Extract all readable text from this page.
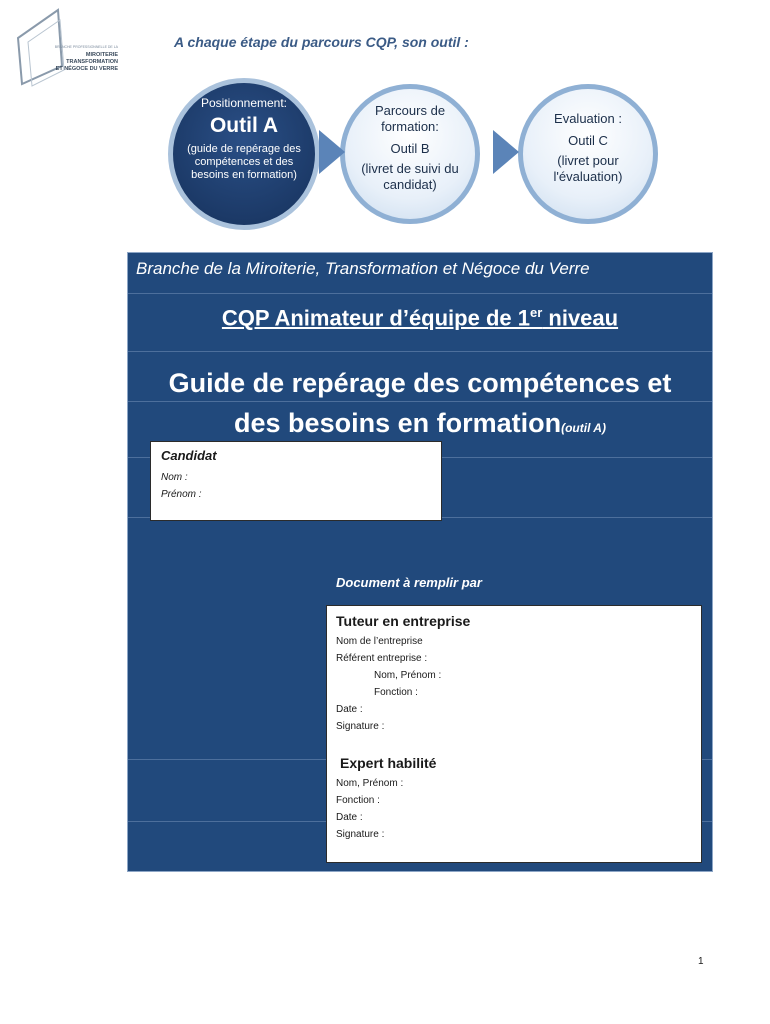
BRANCHE PROFESSIONNELLE DE LA
MIROITERIE
TRANSFORMATION
ET NÉGOCE DU VERRE
A chaque étape du parcours CQP, son outil :
Positionnement:
Outil A
(guide de repérage des compétences et des besoins en formation)
Parcours de formation:
Outil B
(livret de suivi du candidat)
Evaluation :
Outil C
(livret pour l'évaluation)
Branche de la Miroiterie, Transformation et Négoce du Verre
CQP Animateur d’équipe de 1er niveau
Guide de repérage des compétences et
des besoins en formation(outil A)
Candidat
Nom :
Prénom :
Document à remplir par
Tuteur en entreprise
Nom de l’entreprise
Référent entreprise :
Nom, Prénom :
Fonction :
Date :
Signature :
Expert habilité
Nom, Prénom :
Fonction :
Date :
Signature :
1
